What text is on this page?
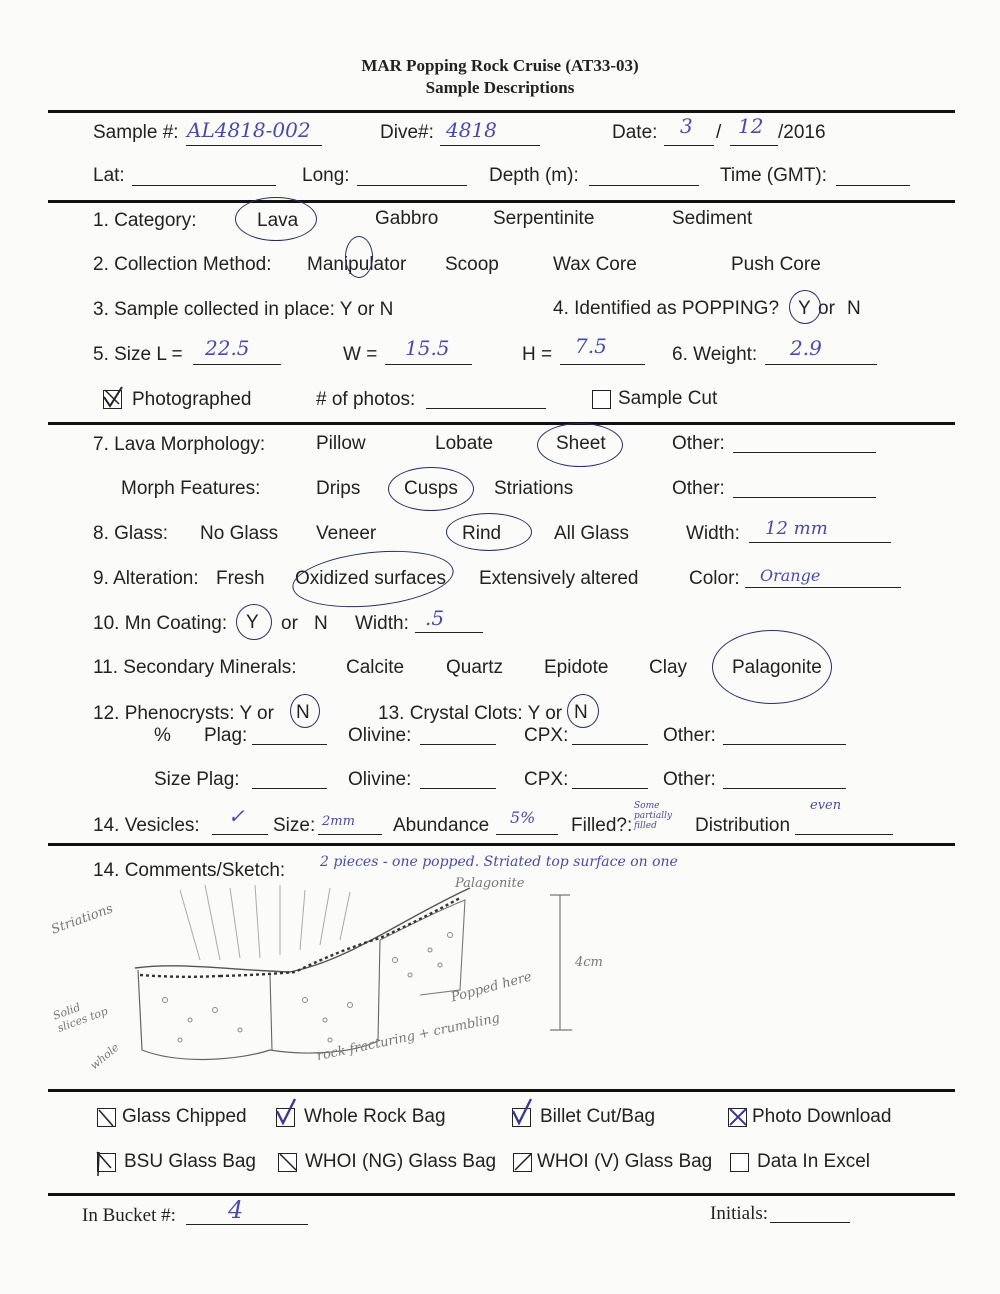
MAR Popping Rock Cruise (AT33-03)
Sample Descriptions
Sample #: AL4818-002	Dive#: 4818	Date: 3 / 12 /2016
Lat:	Long:	Depth (m):	Time (GMT):
1. Category:	Lava	Gabbro	Serpentinite	Sediment
2. Collection Method: Manipulator Scoop	Wax Core	Push Core
3. Sample collected in place: Y or N	4. Identified as POPPING? Y or N
5. Size L = 22.5	W = 15.5	H = 7.5	6. Weight: 2.9
Photographed	# of photos:	Sample Cut
7. Lava Morphology:	Pillow	Lobate	Sheet	Other:
Morph Features:	Drips Cusps Striations	Other:
8. Glass: No Glass Veneer	Rind	All Glass	Width: 12 mm
9. Alteration: Fresh Oxidized surfaces Extensively altered	Color: Orange
10. Mn Coating: Y or N Width: .5
11. Secondary Minerals:	Calcite Quartz Epidote Clay Palagonite
12. Phenocrysts: Y or N	13. Crystal Clots: Y or N
% Plag:	Olivine:	CPX:	Other:
Size Plag:	Olivine:	CPX:	Other:
14. Vesicles: ✓ Size: 2mm Abundance 5% Filled?:
Some partially filled	Distribution
even
14. Comments/Sketch: 2 pieces - one popped. Striated top surface on one
Palagonite
Striations
4cm
Popped here
Solid slices top
whole	rock fracturing + crumbling
Glass Chipped	Whole Rock Bag	Billet Cut/Bag	Photo Download
BSU Glass Bag	WHOI (NG) Glass Bag WHOI (V) Glass Bag Data In Excel
In Bucket #: 4	Initials:
